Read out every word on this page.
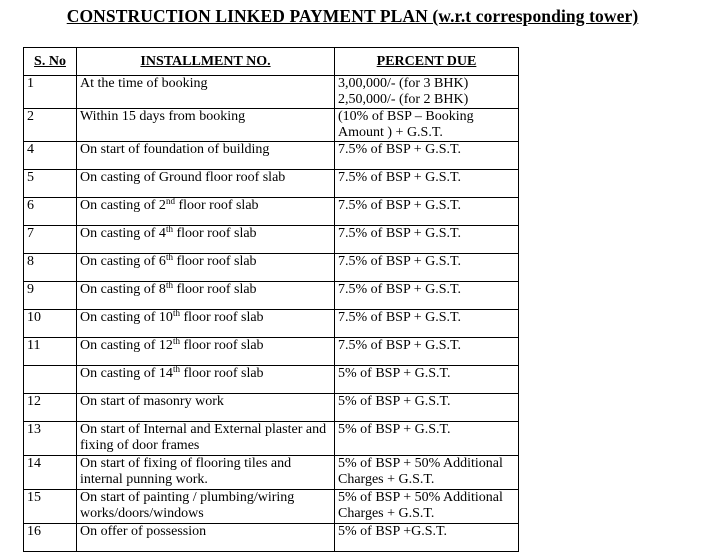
CONSTRUCTION LINKED PAYMENT PLAN (w.r.t corresponding tower)
S. No	INSTALLMENT NO.	PERCENT DUE
1	At the time of booking	3,00,000/- (for 3 BHK) 2,50,000/- (for 2 BHK)
2	Within 15 days from booking	(10% of BSP – Booking Amount ) + G.S.T.
4	On start of foundation of building	7.5% of BSP + G.S.T.
5	On casting of Ground floor roof slab	7.5% of BSP + G.S.T.
6	On casting of 2nd floor roof slab	7.5% of BSP + G.S.T.
7	On casting of 4th floor roof slab	7.5% of BSP + G.S.T.
8	On casting of 6th floor roof slab	7.5% of BSP + G.S.T.
9	On casting of 8th floor roof slab	7.5% of BSP + G.S.T.
10	On casting of 10th floor roof slab	7.5% of BSP + G.S.T.
11	On casting of 12th floor roof slab	7.5% of BSP + G.S.T.
	On casting of 14th floor roof slab	5% of BSP + G.S.T.
12	On start of masonry work	5% of BSP + G.S.T.
13	On start of Internal and External plaster and fixing of door frames	5% of BSP + G.S.T.
14	On start of fixing of flooring tiles and internal punning work.	5% of BSP + 50% Additional Charges + G.S.T.
15	On start of painting / plumbing/wiring works/doors/windows	5% of BSP + 50% Additional Charges + G.S.T.
16	On offer of possession	5% of BSP +G.S.T.
